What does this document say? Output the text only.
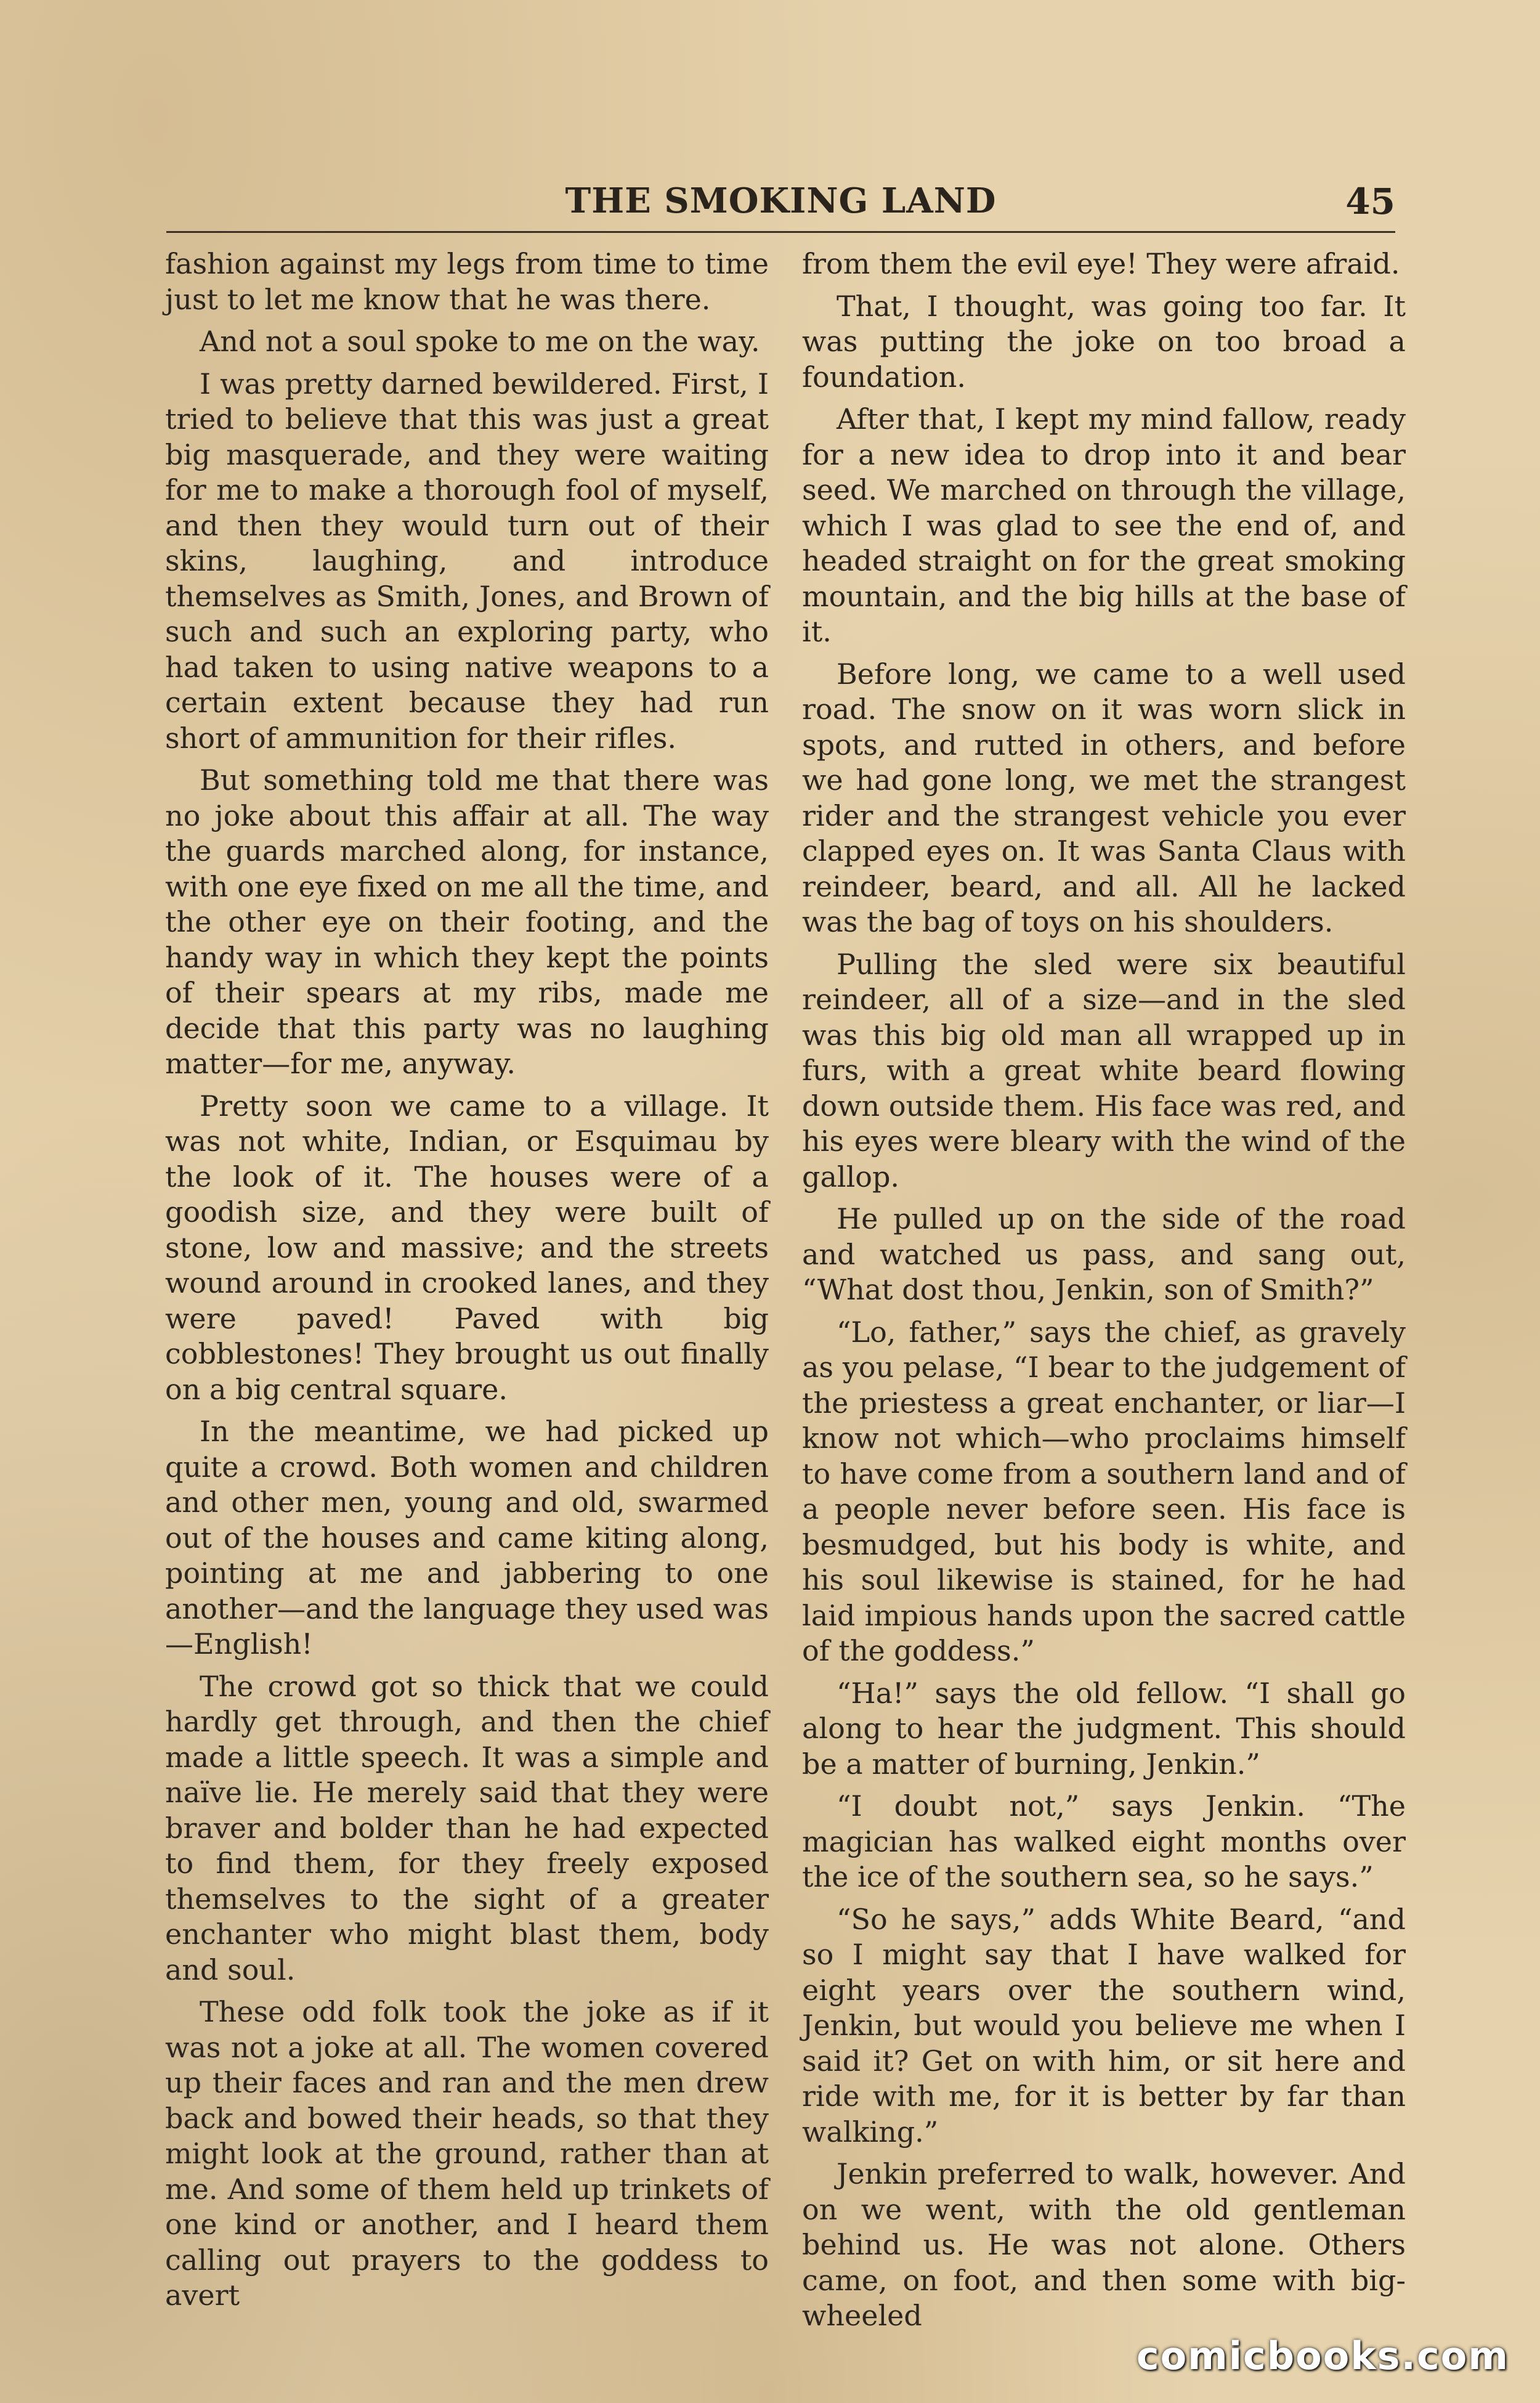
THE SMOKING LAND	45

fashion against my legs from time to time just to let me know that he was there.

And not a soul spoke to me on the way.

I was pretty darned bewildered. First, I tried to believe that this was just a great big masquerade, and they were waiting for me to make a thorough fool of myself, and then they would turn out of their skins, laughing, and introduce themselves as Smith, Jones, and Brown of such and such an exploring party, who had taken to using native weapons to a certain extent because they had run short of ammunition for their rifles.

But something told me that there was no joke about this affair at all. The way the guards marched along, for instance, with one eye fixed on me all the time, and the other eye on their footing, and the handy way in which they kept the points of their spears at my ribs, made me decide that this party was no laughing matter—for me, anyway.

Pretty soon we came to a village. It was not white, Indian, or Esquimau by the look of it. The houses were of a goodish size, and they were built of stone, low and massive; and the streets wound around in crooked lanes, and they were paved! Paved with big cobblestones! They brought us out finally on a big central square.

In the meantime, we had picked up quite a crowd. Both women and children and other men, young and old, swarmed out of the houses and came kiting along, pointing at me and jabbering to one another—and the language they used was —English!

The crowd got so thick that we could hardly get through, and then the chief made a little speech. It was a simple and naïve lie. He merely said that they were braver and bolder than he had expected to find them, for they freely exposed themselves to the sight of a greater enchanter who might blast them, body and soul.

These odd folk took the joke as if it was not a joke at all. The women covered up their faces and ran and the men drew back and bowed their heads, so that they might look at the ground, rather than at me. And some of them held up trinkets of one kind or another, and I heard them calling out prayers to the goddess to avert

from them the evil eye! They were afraid.

That, I thought, was going too far. It was putting the joke on too broad a foundation.

After that, I kept my mind fallow, ready for a new idea to drop into it and bear seed. We marched on through the village, which I was glad to see the end of, and headed straight on for the great smoking mountain, and the big hills at the base of it.

Before long, we came to a well used road. The snow on it was worn slick in spots, and rutted in others, and before we had gone long, we met the strangest rider and the strangest vehicle you ever clapped eyes on. It was Santa Claus with reindeer, beard, and all. All he lacked was the bag of toys on his shoulders.

Pulling the sled were six beautiful reindeer, all of a size—and in the sled was this big old man all wrapped up in furs, with a great white beard flowing down outside them. His face was red, and his eyes were bleary with the wind of the gallop.

He pulled up on the side of the road and watched us pass, and sang out, “What dost thou, Jenkin, son of Smith?”

“Lo, father,” says the chief, as gravely as you pelase, “I bear to the judgement of the priestess a great enchanter, or liar—I know not which—who proclaims himself to have come from a southern land and of a people never before seen. His face is besmudged, but his body is white, and his soul likewise is stained, for he had laid impious hands upon the sacred cattle of the goddess.”

“Ha!” says the old fellow. “I shall go along to hear the judgment. This should be a matter of burning, Jenkin.”

“I doubt not,” says Jenkin. “The magician has walked eight months over the ice of the southern sea, so he says.”

“So he says,” adds White Beard, “and so I might say that I have walked for eight years over the southern wind, Jenkin, but would you believe me when I said it? Get on with him, or sit here and ride with me, for it is better by far than walking.”

Jenkin preferred to walk, however. And on we went, with the old gentleman behind us. He was not alone. Others came, on foot, and then some with big-wheeled

comicbooks.com
